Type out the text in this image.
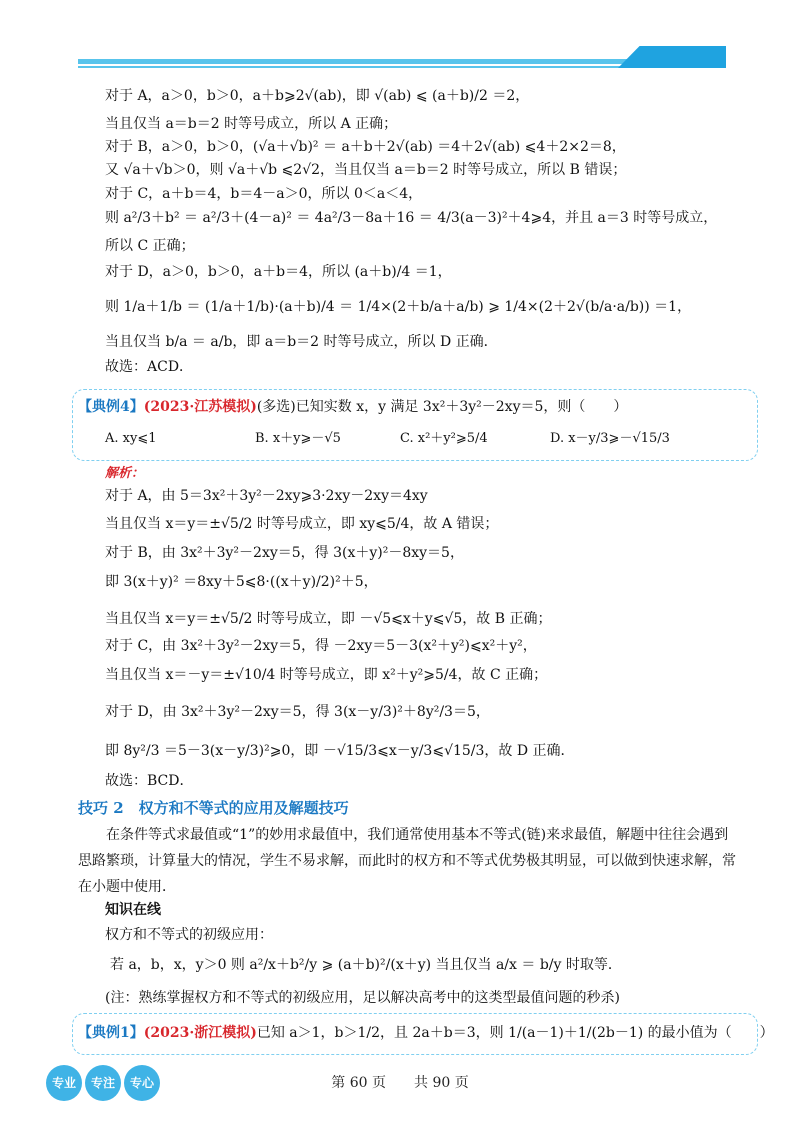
对于 A，a＞0，b＞0，a＋b⩾2√(ab)，即 √(ab) ⩽ (a＋b)/2 ＝2，
当且仅当 a＝b＝2 时等号成立，所以 A 正确；
对于 B，a＞0，b＞0，(√a＋√b)² ＝ a＋b＋2√(ab) ＝4＋2√(ab) ⩽4＋2×2＝8，
又 √a＋√b＞0，则 √a＋√b ⩽2√2，当且仅当 a＝b＝2 时等号成立，所以 B 错误；
对于 C，a＋b＝4，b＝4－a＞0，所以 0＜a＜4，
则 a²/3＋b² ＝ a²/3＋(4－a)² ＝ 4a²/3－8a＋16 ＝ 4/3(a－3)²＋4⩾4，并且 a＝3 时等号成立，
所以 C 正确；
对于 D，a＞0，b＞0，a＋b＝4，所以 (a＋b)/4 ＝1，
则 1/a＋1/b ＝ (1/a＋1/b)·(a＋b)/4 ＝ 1/4×(2＋b/a＋a/b) ⩾ 1/4×(2＋2√(b/a·a/b)) ＝1，
当且仅当 b/a ＝ a/b，即 a＝b＝2 时等号成立，所以 D 正确．
故选：ACD．
【典例4】(2023·江苏模拟)(多选)已知实数 x，y 满足 3x²＋3y²－2xy＝5，则（　　）
A. xy⩽1	B. x＋y⩾－√5	C. x²＋y²⩾5/4	D. x－y/3⩾－√15/3
解析：
对于 A，由 5＝3x²＋3y²－2xy⩾3·2xy－2xy＝4xy
当且仅当 x＝y＝±√5/2 时等号成立，即 xy⩽5/4，故 A 错误；
对于 B，由 3x²＋3y²－2xy＝5，得 3(x＋y)²－8xy＝5，
即 3(x＋y)² ＝8xy＋5⩽8·((x＋y)/2)²＋5，
当且仅当 x＝y＝±√5/2 时等号成立，即 －√5⩽x＋y⩽√5，故 B 正确；
对于 C，由 3x²＋3y²－2xy＝5，得 －2xy＝5－3(x²＋y²)⩽x²＋y²，
当且仅当 x＝－y＝±√10/4 时等号成立，即 x²＋y²⩾5/4，故 C 正确；
对于 D，由 3x²＋3y²－2xy＝5，得 3(x－y/3)²＋8y²/3＝5，
即 8y²/3 ＝5－3(x－y/3)²⩾0，即 －√15/3⩽x－y/3⩽√15/3，故 D 正确．
故选：BCD．
技巧 2　权方和不等式的应用及解题技巧
在条件等式求最值或“1”的妙用求最值中，我们通常使用基本不等式(链)来求最值，解题中往往会遇到思路繁琐，计算量大的情况，学生不易求解，而此时的权方和不等式优势极其明显，可以做到快速求解，常在小题中使用．
知识在线
权方和不等式的初级应用：
若 a，b，x，y＞0 则 a²/x＋b²/y ⩾ (a＋b)²/(x＋y) 当且仅当 a/x ＝ b/y 时取等．
(注：熟练掌握权方和不等式的初级应用，足以解决高考中的这类型最值问题的秒杀)
【典例1】(2023·浙江模拟)已知 a＞1，b＞1/2，且 2a＋b＝3，则 1/(a－1)＋1/(2b－1) 的最小值为（　　）
专业	专注	专心	第 60 页　　共 90 页
